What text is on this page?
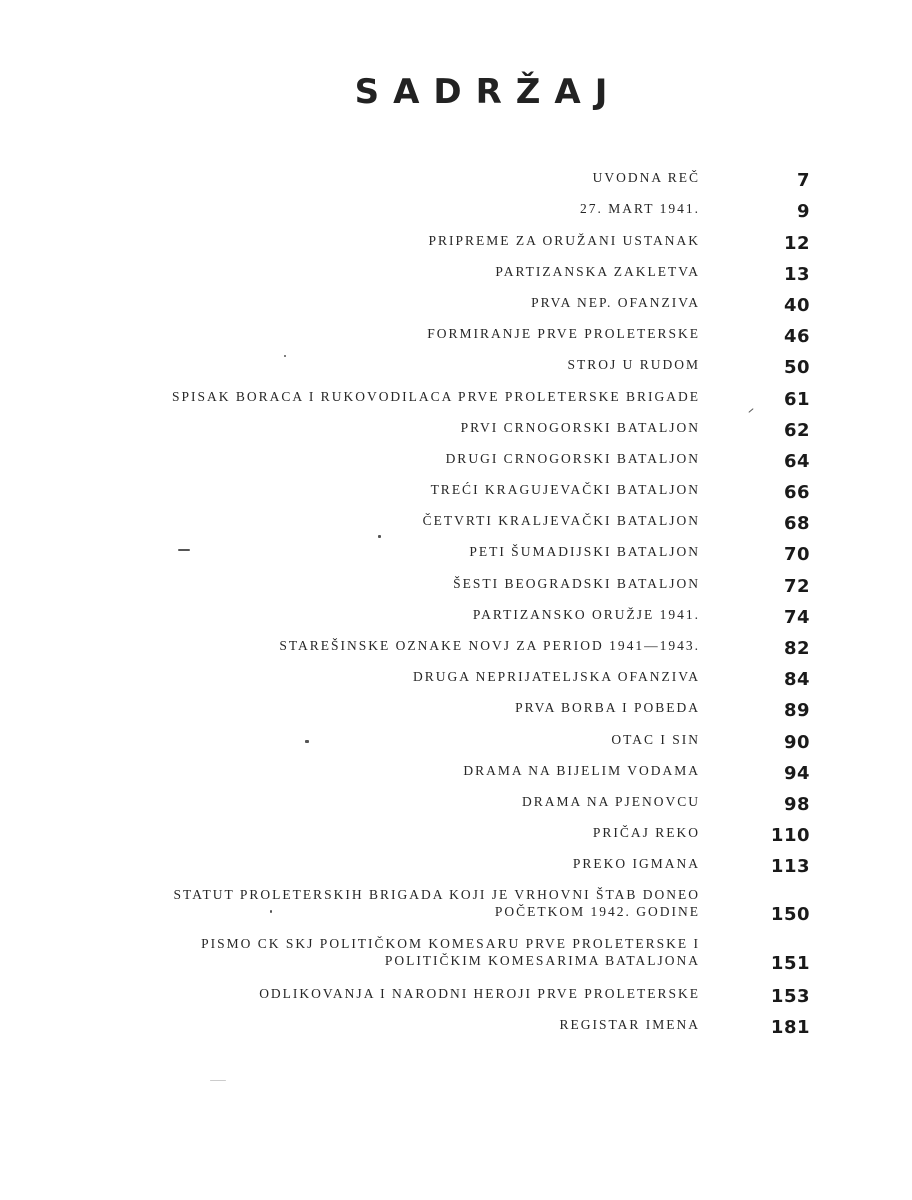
SADRŽAJ
UVODNA REČ	7
27. MART 1941.	9
PRIPREME ZA ORUŽANI USTANAK	12
PARTIZANSKA ZAKLETVA	13
PRVA NEP. OFANZIVA	40
FORMIRANJE PRVE PROLETERSKE	46
STROJ U RUDOM	50
SPISAK BORACA I RUKOVODILACA PRVE PROLETERSKE BRIGADE	61
PRVI CRNOGORSKI BATALJON	62
DRUGI CRNOGORSKI BATALJON	64
TREĆI KRAGUJEVAČKI BATALJON	66
ČETVRTI KRALJEVAČKI BATALJON	68
PETI ŠUMADIJSKI BATALJON	70
ŠESTI BEOGRADSKI BATALJON	72
PARTIZANSKO ORUŽJE 1941.	74
STAREŠINSKE OZNAKE NOVJ ZA PERIOD 1941—1943.	82
DRUGA NEPRIJATELJSKA OFANZIVA	84
PRVA BORBA I POBEDA	89
OTAC I SIN	90
DRAMA NA BIJELIM VODAMA	94
DRAMA NA PJENOVCU	98
PRIČAJ REKO	110
PREKO IGMANA	113
STATUT PROLETERSKIH BRIGADA KOJI JE VRHOVNI ŠTAB DONEO
POČETKOM 1942. GODINE	150
PISMO CK SKJ POLITIČKOM KOMESARU PRVE PROLETERSKE I
POLITIČKIM KOMESARIMA BATALJONA	151
ODLIKOVANJA I NARODNI HEROJI PRVE PROLETERSKE	153
REGISTAR IMENA	181
